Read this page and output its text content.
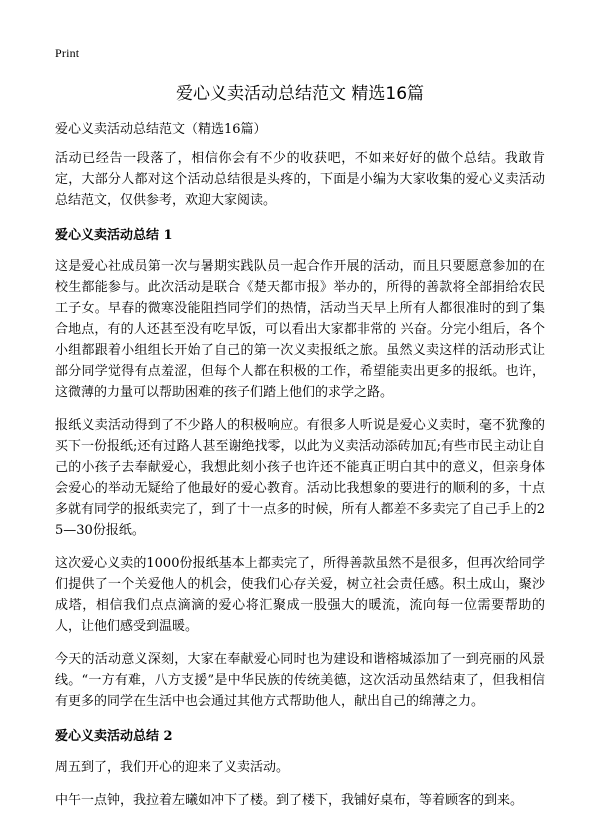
Print
爱心义卖活动总结范文 精选16篇
爱心义卖活动总结范文（精选16篇）

活动已经告一段落了，相信你会有不少的收获吧，不如来好好的做个总结。我敢肯定，大部分人都对这个活动总结很是头疼的，下面是小编为大家收集的爱心义卖活动总结范文，仅供参考，欢迎大家阅读。

爱心义卖活动总结 1

这是爱心社成员第一次与暑期实践队员一起合作开展的活动，而且只要愿意参加的在校生都能参与。此次活动是联合《楚天都市报》举办的，所得的善款将全部捐给农民工子女。早春的微寒没能阻挡同学们的热情，活动当天早上所有人都很准时的到了集合地点，有的人还甚至没有吃早饭，可以看出大家都非常的 兴奋。分完小组后，各个小组都跟着小组组长开始了自己的第一次义卖报纸之旅。虽然义卖这样的活动形式让部分同学觉得有点羞涩，但每个人都在积极的工作，希望能卖出更多的报纸。也许，这微薄的力量可以帮助困难的孩子们踏上他们的求学之路。

报纸义卖活动得到了不少路人的积极响应。有很多人听说是爱心义卖时，毫不犹豫的买下一份报纸;还有过路人甚至谢绝找零，以此为义卖活动添砖加瓦;有些市民主动让自己的小孩子去奉献爱心，我想此刻小孩子也许还不能真正明白其中的意义，但亲身体会爱心的举动无疑给了他最好的爱心教育。活动比我想象的要进行的顺利的多，十点多就有同学的报纸卖完了，到了十一点多的时候，所有人都差不多卖完了自己手上的25—30份报纸。

这次爱心义卖的1000份报纸基本上都卖完了，所得善款虽然不是很多，但再次给同学们提供了一个关爱他人的机会，使我们心存关爱，树立社会责任感。积土成山，聚沙成塔，相信我们点点滴滴的爱心将汇聚成一股强大的暖流，流向每一位需要帮助的人，让他们感受到温暖。

今天的活动意义深刻，大家在奉献爱心同时也为建设和谐榕城添加了一到亮丽的风景线。“一方有难，八方支援”是中华民族的传统美德，这次活动虽然结束了，但我相信有更多的同学在生活中也会通过其他方式帮助他人，献出自己的绵薄之力。

爱心义卖活动总结 2

周五到了，我们开心的迎来了义卖活动。

中午一点钟，我拉着左曦如冲下了楼。到了楼下，我铺好桌布，等着顾客的到来。
